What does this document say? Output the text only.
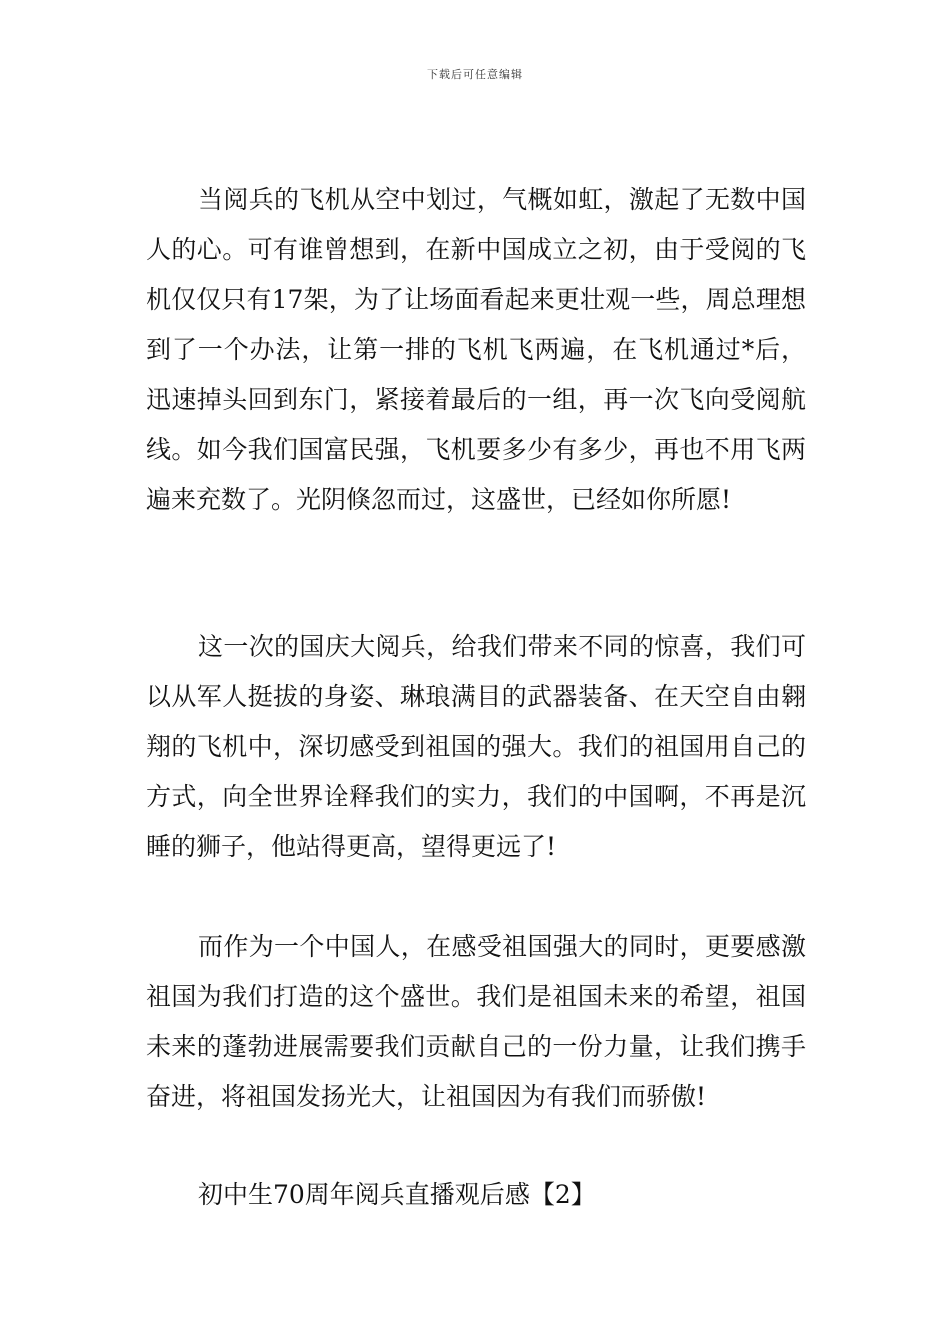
下载后可任意编辑

当阅兵的飞机从空中划过，气概如虹，激起了无数中国人的心。可有谁曾想到，在新中国成立之初，由于受阅的飞机仅仅只有17架，为了让场面看起来更壮观一些，周总理想到了一个办法，让第一排的飞机飞两遍，在飞机通过*后，迅速掉头回到东门，紧接着最后的一组，再一次飞向受阅航线。如今我们国富民强，飞机要多少有多少，再也不用飞两遍来充数了。光阴倏忽而过，这盛世，已经如你所愿!

这一次的国庆大阅兵，给我们带来不同的惊喜，我们可以从军人挺拔的身姿、琳琅满目的武器装备、在天空自由翱翔的飞机中，深切感受到祖国的强大。我们的祖国用自己的方式，向全世界诠释我们的实力，我们的中国啊，不再是沉睡的狮子，他站得更高，望得更远了!

而作为一个中国人，在感受祖国强大的同时，更要感激祖国为我们打造的这个盛世。我们是祖国未来的希望，祖国未来的蓬勃进展需要我们贡献自己的一份力量，让我们携手奋进，将祖国发扬光大，让祖国因为有我们而骄傲!

初中生70周年阅兵直播观后感【2】
